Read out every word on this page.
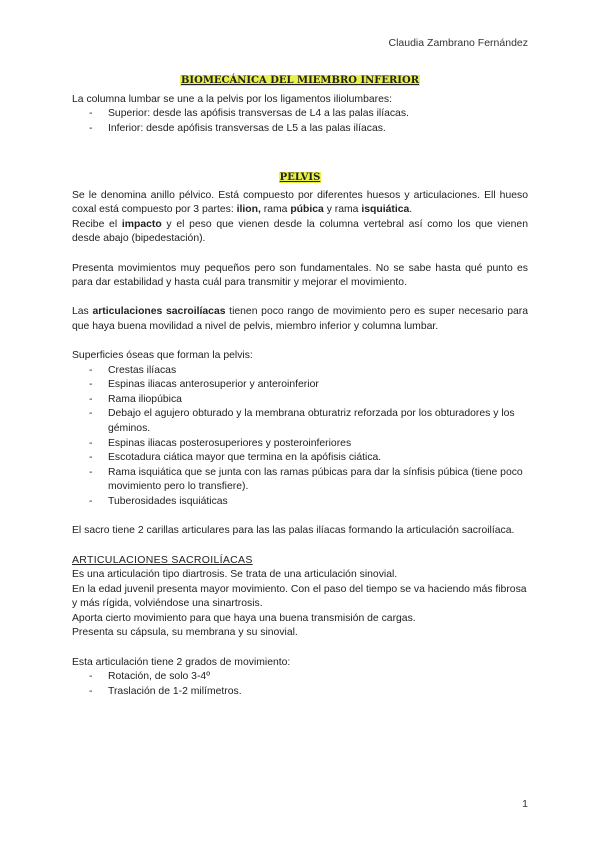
Claudia Zambrano Fernández

BIOMECÁNICA DEL MIEMBRO INFERIOR

La columna lumbar se une a la pelvis por los ligamentos iliolumbares:

- Superior: desde las apófisis transversas de L4 a las palas ilíacas.
- Inferior: desde apófisis transversas de L5 a las palas ilíacas.

PELVIS

Se le denomina anillo pélvico. Está compuesto por diferentes huesos y articulaciones. Ell hueso coxal está compuesto por 3 partes: ilion, rama púbica y rama isquiática.

Recibe el impacto y el peso que vienen desde la columna vertebral así como los que vienen desde abajo (bipedestación).

Presenta movimientos muy pequeños pero son fundamentales. No se sabe hasta qué punto es para dar estabilidad y hasta cuál para transmitir y mejorar el movimiento.

Las articulaciones sacroilíacas tienen poco rango de movimiento pero es super necesario para que haya buena movilidad a nivel de pelvis, miembro inferior y columna lumbar.

Superficies óseas que forman la pelvis:

- Crestas ilíacas
- Espinas iliacas anterosuperior y anteroinferior
- Rama iliopúbica
- Debajo el agujero obturado y la membrana obturatriz reforzada por los obturadores y los géminos.
- Espinas iliacas posterosuperiores y posteroinferiores
- Escotadura ciática mayor que termina en la apófisis ciática.
- Rama isquiática que se junta con las ramas púbicas para dar la sínfisis púbica (tiene poco movimiento pero lo transfiere).
- Tuberosidades isquiáticas

El sacro tiene 2 carillas articulares para las las palas ilíacas formando la articulación sacroilíaca.

ARTICULACIONES SACROILÍACAS

Es una articulación tipo diartrosis. Se trata de una articulación sinovial.

En la edad juvenil presenta mayor movimiento. Con el paso del tiempo se va haciendo más fibrosa y más rígida, volviéndose una sinartrosis.

Aporta cierto movimiento para que haya una buena transmisión de cargas.

Presenta su cápsula, su membrana y su sinovial.

Esta articulación tiene 2 grados de movimiento:

- Rotación, de solo 3-4º
- Traslación de 1-2 milímetros.
1
